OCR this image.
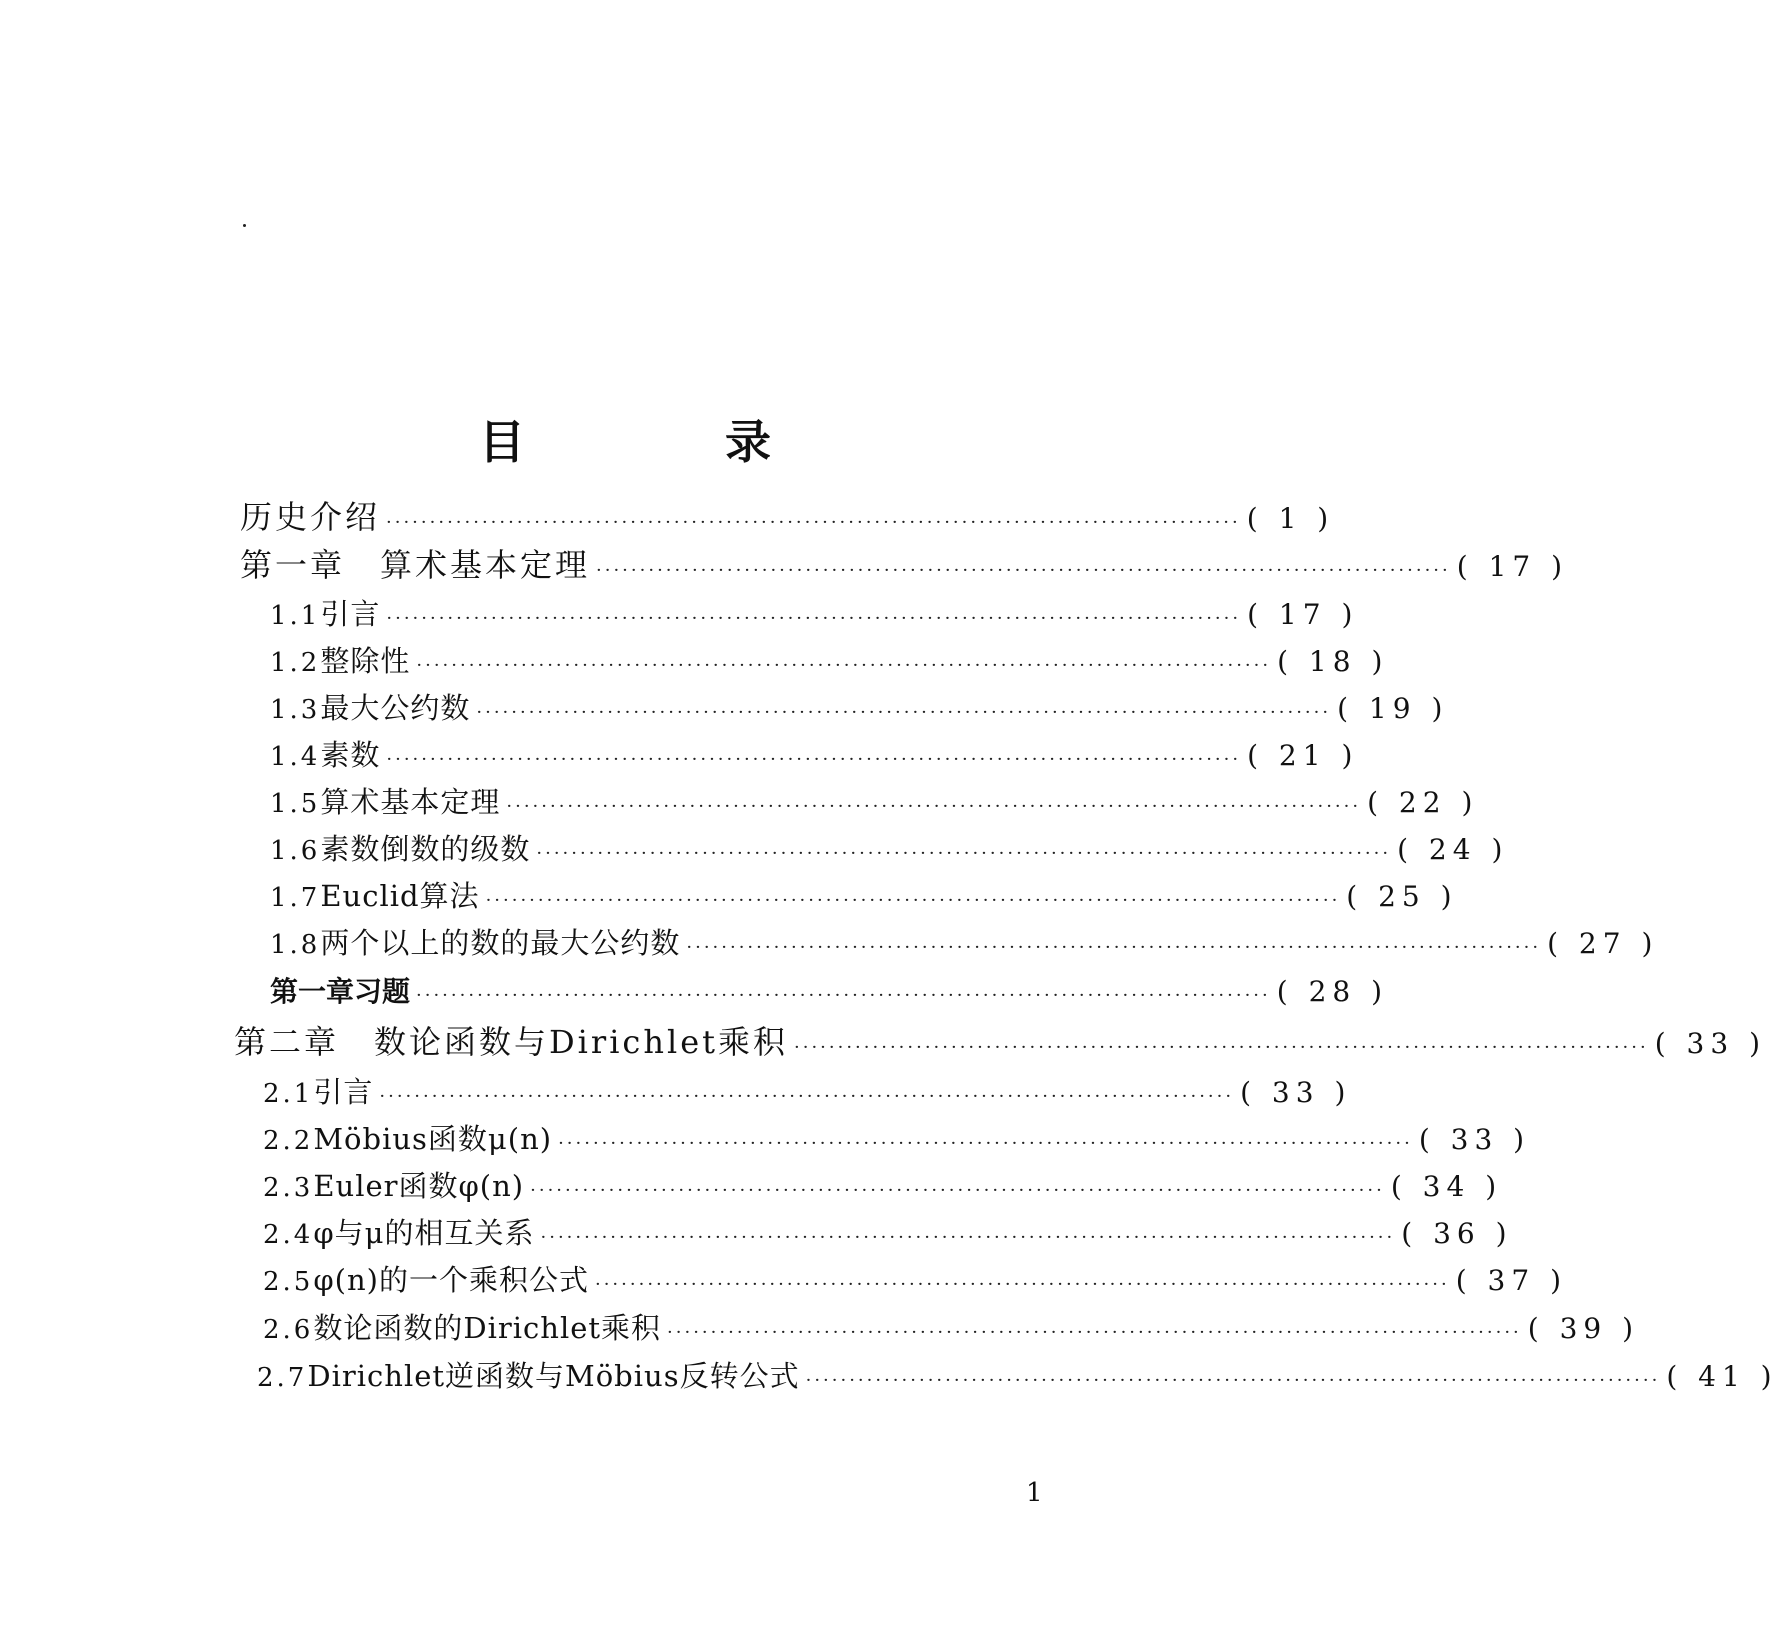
目 录
历史介绍 ·································································································· ( 1 )
第一章　算术基本定理 ·································································································· ( 17 )
1.1 引言 ·································································································· ( 17 )
1.2 整除性 ·································································································· ( 18 )
1.3 最大公约数 ·································································································· ( 19 )
1.4 素数 ·································································································· ( 21 )
1.5 算术基本定理 ·································································································· ( 22 )
1.6 素数倒数的级数 ·································································································· ( 24 )
1.7 Euclid算法 ·································································································· ( 25 )
1.8 两个以上的数的最大公约数 ·································································································· ( 27 )
第一章习题 ·································································································· ( 28 )
第二章　数论函数与Dirichlet乘积 ·································································································· ( 33 )
2.1 引言 ·································································································· ( 33 )
2.2 Möbius函数μ(n) ·································································································· ( 33 )
2.3 Euler函数φ(n) ·································································································· ( 34 )
2.4 φ与μ的相互关系 ·································································································· ( 36 )
2.5 φ(n)的一个乘积公式 ·································································································· ( 37 )
2.6 数论函数的Dirichlet乘积 ·································································································· ( 39 )
2.7 Dirichlet逆函数与Möbius反转公式 ·································································································· ( 41 )
1
